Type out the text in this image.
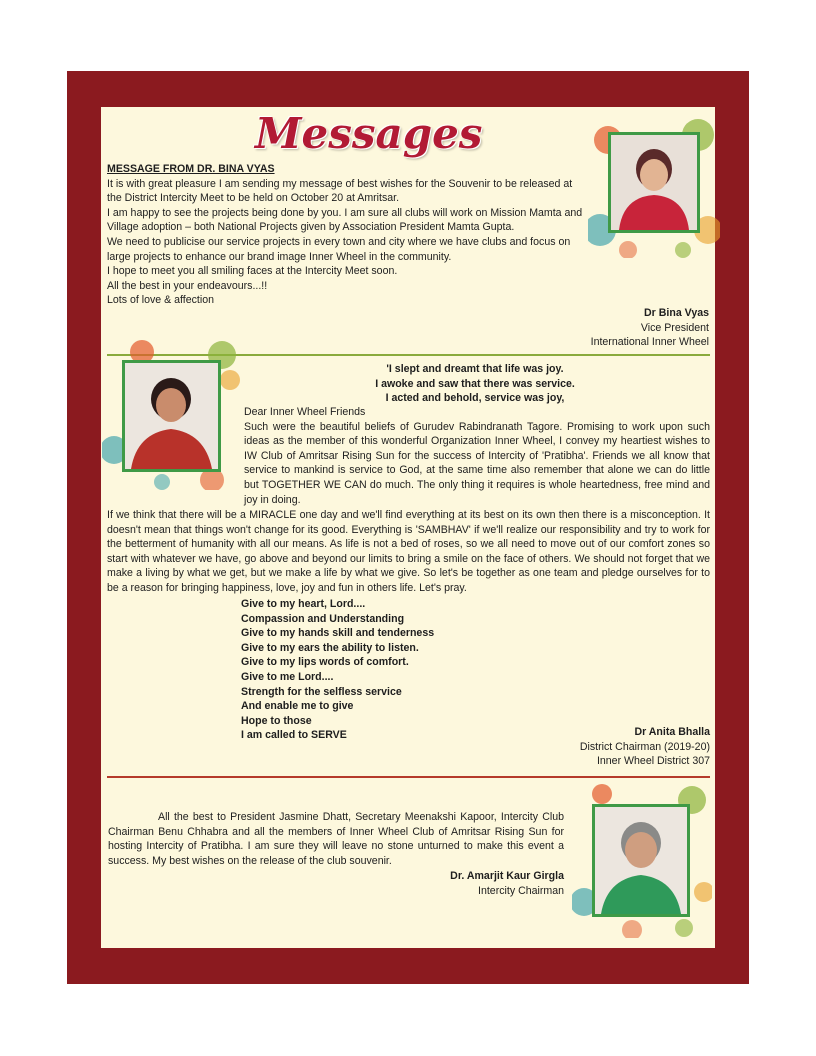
Messages

MESSAGE FROM DR. BINA VYAS

It is with great pleasure I am sending my message of best wishes for the Souvenir to be released at the District Intercity Meet to be held on October 20 at Amritsar.

I am happy to see the projects being done by you. I am sure all clubs will work on Mission Mamta and Village adoption – both National Projects given by Association President Mamta Gupta.

We need to publicise our service projects in every town and city where we have clubs and focus on large projects to enhance our brand image Inner Wheel in the community.

I hope to meet you all smiling faces at the Intercity Meet soon.

All the best in your endeavours...!!

Lots of love & affection

Dr Bina Vyas
Vice President
International Inner Wheel
'I slept and dreamt that life was joy.
I awoke and saw that there was service.
I acted and behold, service was joy,

Dear Inner Wheel Friends

Such were the beautiful beliefs of Gurudev Rabindranath Tagore. Promising to work upon such ideas as the member of this wonderful Organization Inner Wheel, I convey my heartiest wishes to IW Club of Amritsar Rising Sun for the success of Intercity of 'Pratibha'. Friends we all know that service to mankind is service to God, at the same time also remember that alone we can do little but TOGETHER WE CAN do much. The only thing it requires is whole heartedness, free mind and joy in doing.

If we think that there will be a MIRACLE one day and we'll find everything at its best on its own then there is a misconception. It doesn't mean that things won't change for its good. Everything is 'SAMBHAV' if we'll realize our responsibility and try to work for the betterment of humanity with all our means. As life is not a bed of roses, so we all need to move out of our comfort zones so start with whatever we have, go above and beyond our limits to bring a smile on the face of others. We should not forget that we make a living by what we get, but we make a life by what we give. So let's be together as one team and pledge ourselves for to be a reason for bringing happiness, love, joy and fun in others life. Let's pray.

Give to my heart, Lord....
Compassion and Understanding
Give to my hands skill and tenderness
Give to my ears the ability to listen.
Give to my lips words of comfort.
Give to me Lord....
Strength for the selfless service
And enable me to give
Hope to those
I am called to SERVE	Dr Anita Bhalla
District Chairman (2019-20)
Inner Wheel District 307

All the best to President Jasmine Dhatt, Secretary Meenakshi Kapoor, Intercity Club Chairman Benu Chhabra and all the members of Inner Wheel Club of Amritsar Rising Sun for hosting Intercity of Pratibha. I am sure they will leave no stone unturned to make this event a success. My best wishes on the release of the club souvenir.

Dr. Amarjit Kaur Girgla
Intercity Chairman
